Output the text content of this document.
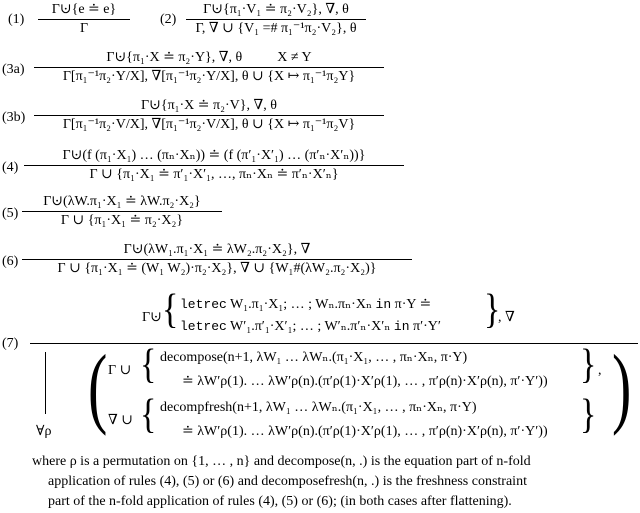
(1)
Γ⊍{e ≐ e}
Γ
(2)
Γ⊍{π₁·V₁ ≐ π₂·V₂}, ∇, θ
Γ, ∇ ∪ {V₁ =# π₁⁻¹π₂·V₂}, θ
(3a)
Γ⊍{π₁·X ≐ π₂·Y}, ∇, θ	X ≠ Y
Γ[π₁⁻¹π₂·Y/X], ∇[π₁⁻¹π₂·Y/X], θ ∪ {X ↦ π₁⁻¹π₂Y}
(3b)
Γ⊍{π₁·X ≐ π₂·V}, ∇, θ
Γ[π₁⁻¹π₂·V/X], ∇[π₁⁻¹π₂·V/X], θ ∪ {X ↦ π₁⁻¹π₂V}
(4)
Γ⊍(f (π₁·X₁) … (πₙ·Xₙ)) ≐ (f (π′₁·X′₁) … (π′ₙ·X′ₙ))}
Γ ∪ {π₁·X₁ ≐ π′₁·X′₁, …, πₙ·Xₙ ≐ π′ₙ·X′ₙ}
(5)
Γ⊍(λW.π₁·X₁ ≐ λW.π₂·X₂}
Γ ∪ {π₁·X₁ ≐ π₂·X₂}
(6)
Γ⊍(λW₁.π₁·X₁ ≐ λW₂.π₂·X₂}, ∇
Γ ∪ {π₁·X₁ ≐ (W₁ W₂)·π₂·X₂}, ∇ ∪ {W₁#(λW₂.π₂·X₂)}
(7)
Γ⊍ { letrec W₁.π₁·X₁; … ; Wₙ.πₙ·Xₙ in π·Y ≐
letrec W′₁.π′₁·X′₁; … ; W′ₙ.π′ₙ·X′ₙ in π′·Y′ }
, ∇
∀ρ ( Γ ∪ { decompose(n+1, λW₁ … λWₙ.(π₁·X₁, … , πₙ·Xₙ, π·Y)
≐ λW′ρ(1). … λW′ρ(n).(π′ρ(1)·X′ρ(1), … , π′ρ(n)·X′ρ(n), π′·Y′)) } ,
∇ ∪ { decompfresh(n+1, λW₁ … λWₙ.(π₁·X₁, … , πₙ·Xₙ, π·Y)
≐ λW′ρ(1). … λW′ρ(n).(π′ρ(1)·X′ρ(1), … , π′ρ(n)·X′ρ(n), π′·Y′)) } )
where ρ is a permutation on {1, … , n} and decompose(n, .) is the equation part of n-fold
application of rules (4), (5) or (6) and decomposefresh(n, .) is the freshness constraint
part of the n-fold application of rules (4), (5) or (6); (in both cases after flattening).
